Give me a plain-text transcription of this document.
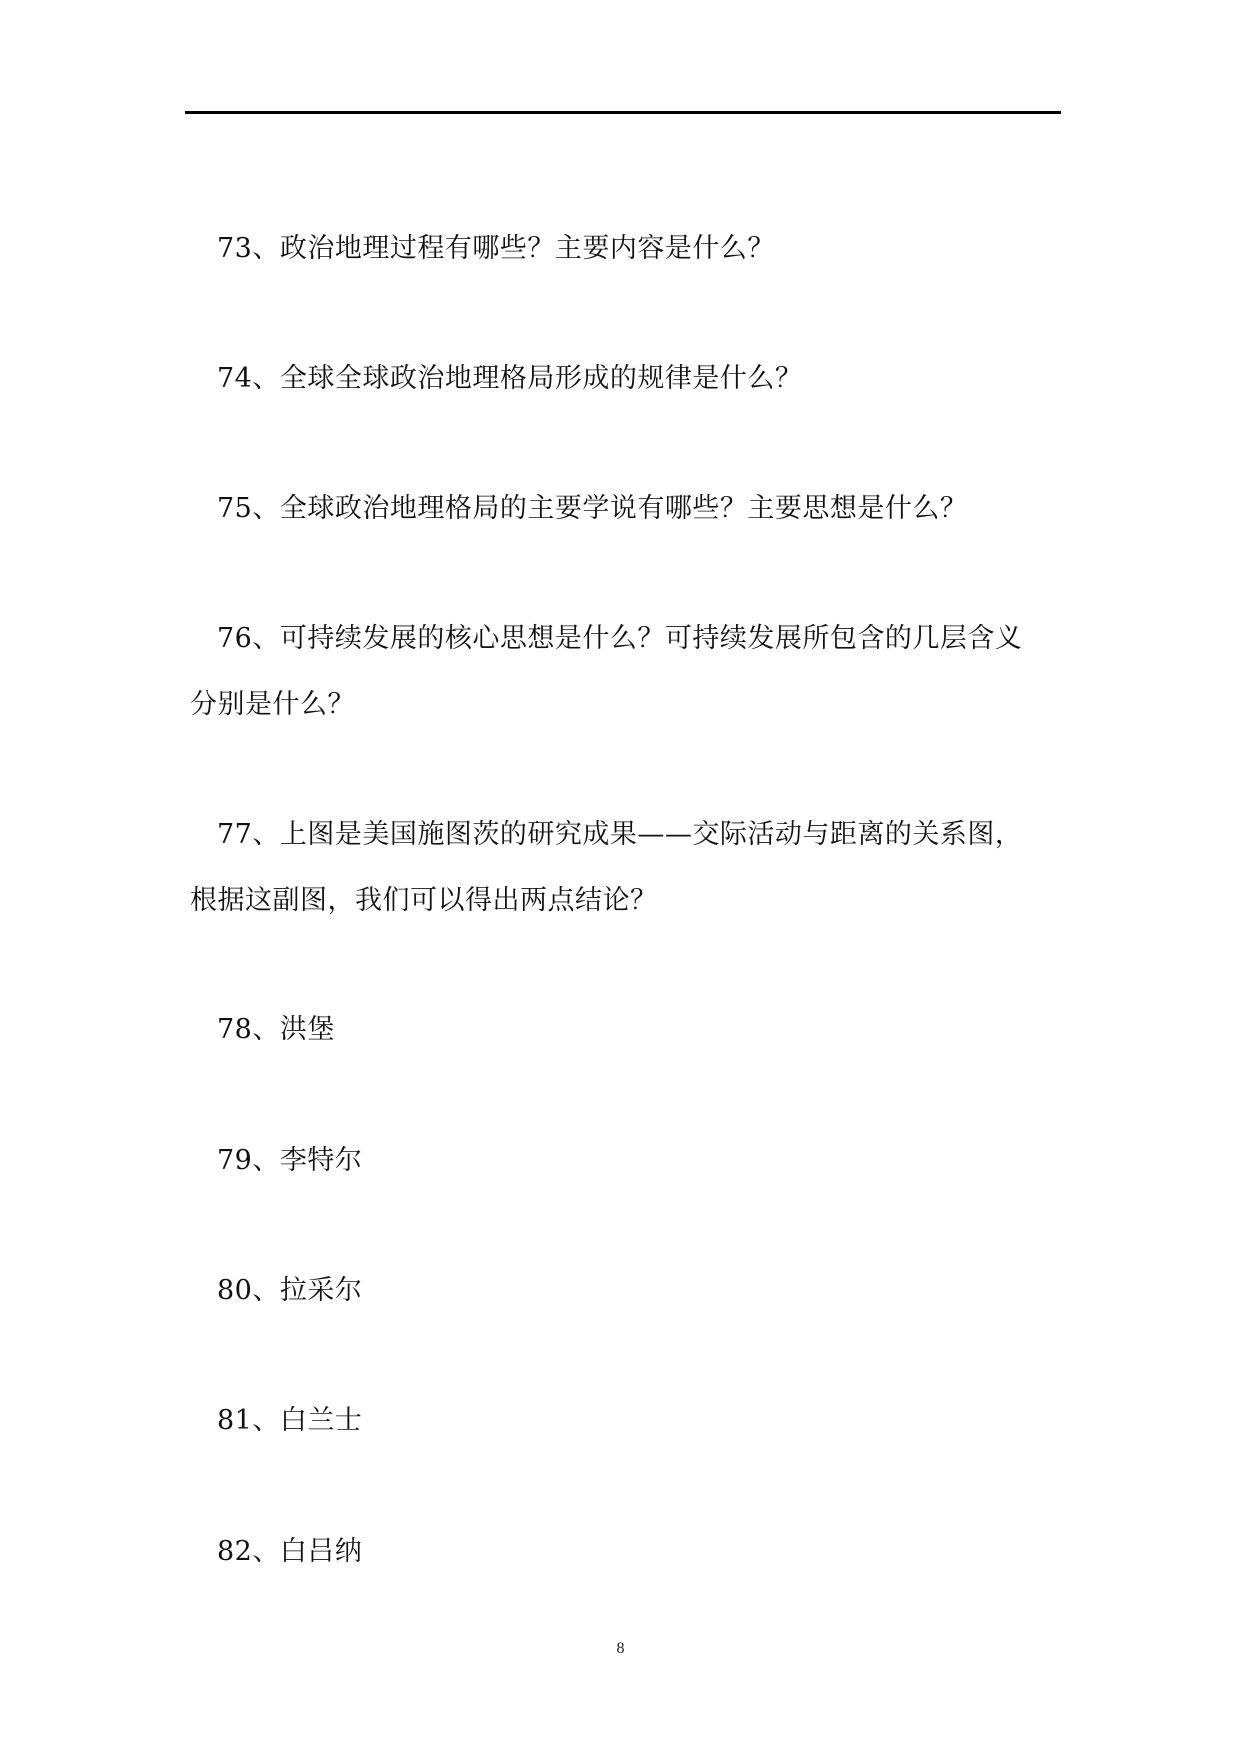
73、政治地理过程有哪些？主要内容是什么？
74、全球全球政治地理格局形成的规律是什么？
75、全球政治地理格局的主要学说有哪些？主要思想是什么？
76、可持续发展的核心思想是什么？可持续发展所包含的几层含义
分别是什么？
77、上图是美国施图茨的研究成果——交际活动与距离的关系图，
根据这副图，我们可以得出两点结论？
78、洪堡
79、李特尔
80、拉采尔
81、白兰士
82、白吕纳
8
